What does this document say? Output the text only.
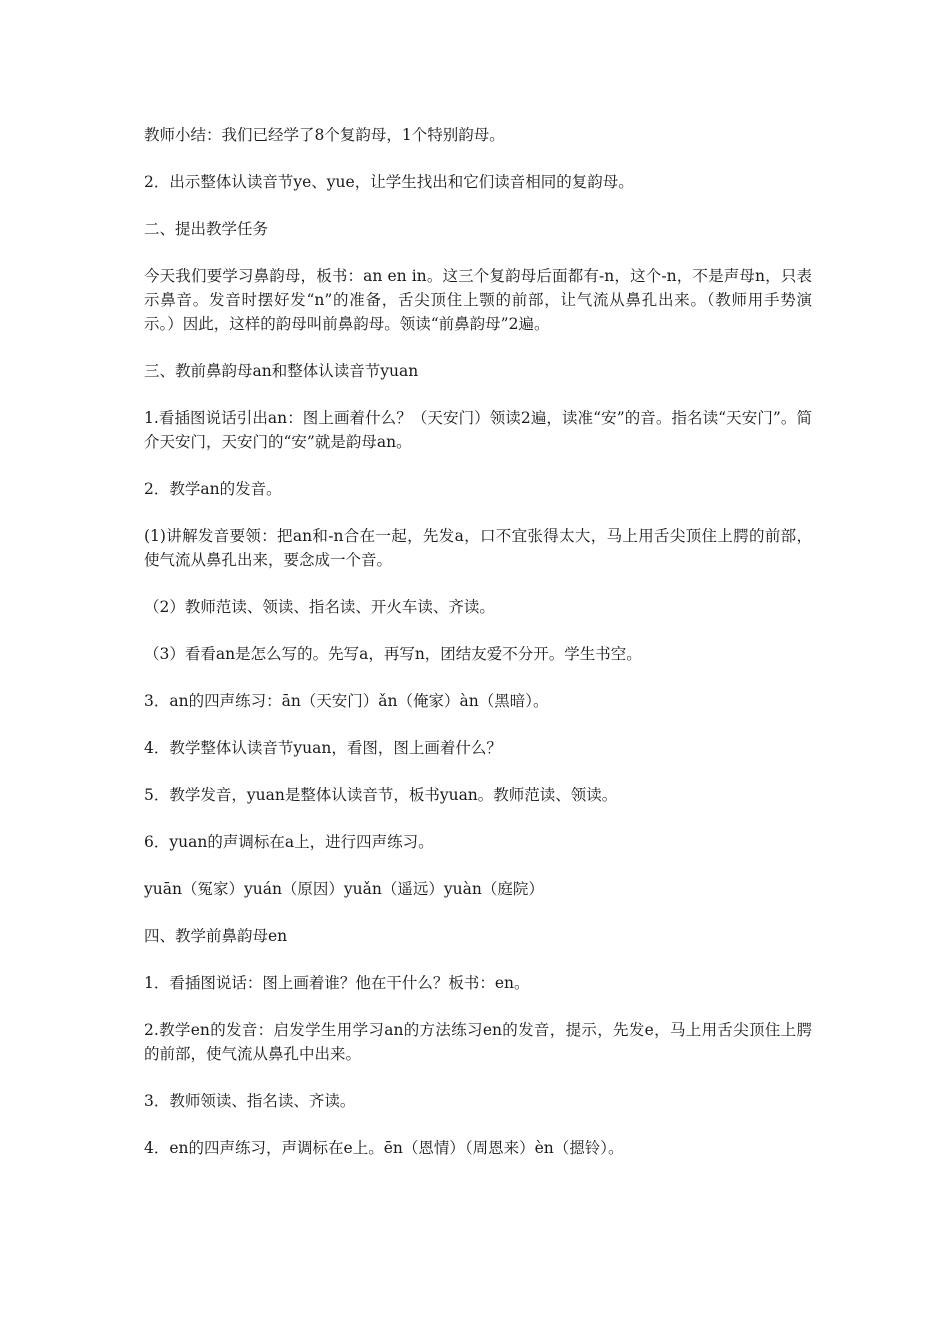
教师小结：我们已经学了8个复韵母，1个特别韵母。

2．出示整体认读音节ye、yue，让学生找出和它们读音相同的复韵母。

二、提出教学任务

今天我们要学习鼻韵母，板书：an en in。这三个复韵母后面都有-n，这个-n，不是声母n，只表示鼻音。发音时摆好发“n”的准备，舌尖顶住上颚的前部，让气流从鼻孔出来。（教师用手势演示。）因此，这样的韵母叫前鼻韵母。领读“前鼻韵母”2遍。

三、教前鼻韵母an和整体认读音节yuan

1.看插图说话引出an：图上画着什么？（天安门）领读2遍，读准“安”的音。指名读“天安门”。简介天安门，天安门的“安”就是韵母an。

2．教学an的发音。

(1)讲解发音要领：把an和-n合在一起，先发a，口不宜张得太大，马上用舌尖顶住上腭的前部，使气流从鼻孔出来，要念成一个音。

（2）教师范读、领读、指名读、开火车读、齐读。

（3）看看an是怎么写的。先写a，再写n，团结友爱不分开。学生书空。

3．an的四声练习：ān（天安门）ǎn（俺家）àn（黑暗）。

4．教学整体认读音节yuan，看图，图上画着什么？

5．教学发音，yuan是整体认读音节，板书yuan。教师范读、领读。

6．yuan的声调标在a上，进行四声练习。

yuān（冤家）yuán（原因）yuǎn（遥远）yuàn（庭院）

四、教学前鼻韵母en

1．看插图说话：图上画着谁？他在干什么？板书：en。

2.教学en的发音：启发学生用学习an的方法练习en的发音，提示，先发e，马上用舌尖顶住上腭的前部，使气流从鼻孔中出来。

3．教师领读、指名读、齐读。

4．en的四声练习，声调标在e上。ēn（恩情）（周恩来）èn（摁铃）。
